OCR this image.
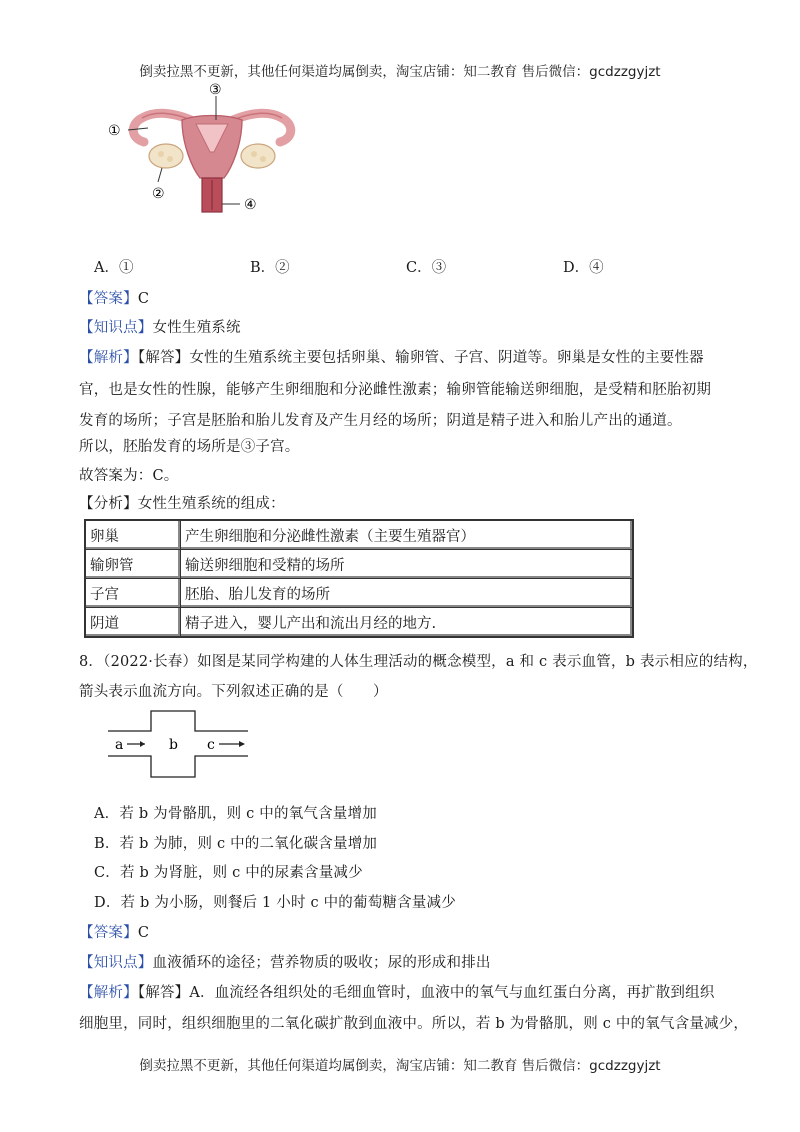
倒卖拉黑不更新，其他任何渠道均属倒卖，淘宝店铺：知二教育 售后微信：gcdzzgyjzt
①
②
③
④
A．①	B．②	C．③	D．④
【答案】C
【知识点】女性生殖系统
【解析】【解答】女性的生殖系统主要包括卵巢、输卵管、子宫、阴道等。卵巢是女性的主要性器
官，也是女性的性腺，能够产生卵细胞和分泌雌性激素；输卵管能输送卵细胞，是受精和胚胎初期
发育的场所；子宫是胚胎和胎儿发育及产生月经的场所；阴道是精子进入和胎儿产出的通道。
所以，胚胎发育的场所是③子宫。
故答案为：C。
【分析】女性生殖系统的组成：
卵巢	产生卵细胞和分泌雌性激素（主要生殖器官）
输卵管	输送卵细胞和受精的场所
子宫	胚胎、胎儿发育的场所
阴道	精子进入，婴儿产出和流出月经的地方.
8．（2022·长春）如图是某同学构建的人体生理活动的概念模型，a 和 c 表示血管，b 表示相应的结构，
箭头表示血流方向。下列叙述正确的是（　　）
a	b c
A．若 b 为骨骼肌，则 c 中的氧气含量增加
B．若 b 为肺，则 c 中的二氧化碳含量增加
C．若 b 为肾脏，则 c 中的尿素含量减少
D．若 b 为小肠，则餐后 1 小时 c 中的葡萄糖含量减少
【答案】C
【知识点】血液循环的途径；营养物质的吸收；尿的形成和排出
【解析】【解答】A．血流经各组织处的毛细血管时，血液中的氧气与血红蛋白分离，再扩散到组织
细胞里，同时，组织细胞里的二氧化碳扩散到血液中。所以，若 b 为骨骼肌，则 c 中的氧气含量减少，
倒卖拉黑不更新，其他任何渠道均属倒卖，淘宝店铺：知二教育 售后微信：gcdzzgyjzt
